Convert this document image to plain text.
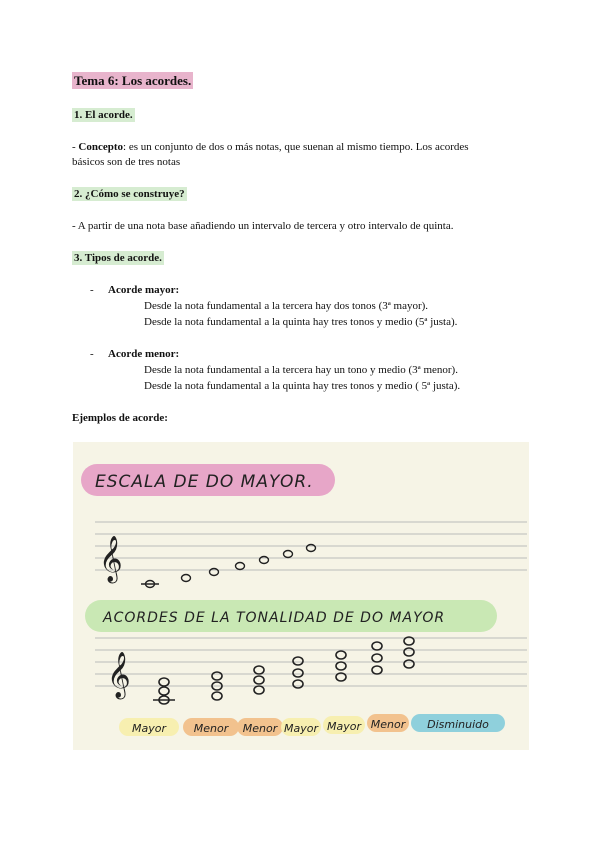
Tema 6: Los acordes.
1. El acorde.
- Concepto: es un conjunto de dos o más notas, que suenan al mismo tiempo. Los acordes
básicos son de tres notas
2. ¿Cómo se construye?
- A partir de una nota base añadiendo un intervalo de tercera y otro intervalo de quinta.
3. Tipos de acorde.
- Acorde mayor:
Desde la nota fundamental a la tercera hay dos tonos (3ª mayor).
Desde la nota fundamental a la quinta hay tres tonos y medio (5ª justa).
- Acorde menor:
Desde la nota fundamental a la tercera hay un tono y medio (3ª menor).
Desde la nota fundamental a la quinta hay tres tonos y medio ( 5ª justa).
Ejemplos de acorde:
ESCALA DE DO MAYOR.
𝄞
ACORDES DE LA TONALIDAD DE DO MAYOR
𝄞
Mayor	Menor Menor Mayor Mayor Menor Disminuido
